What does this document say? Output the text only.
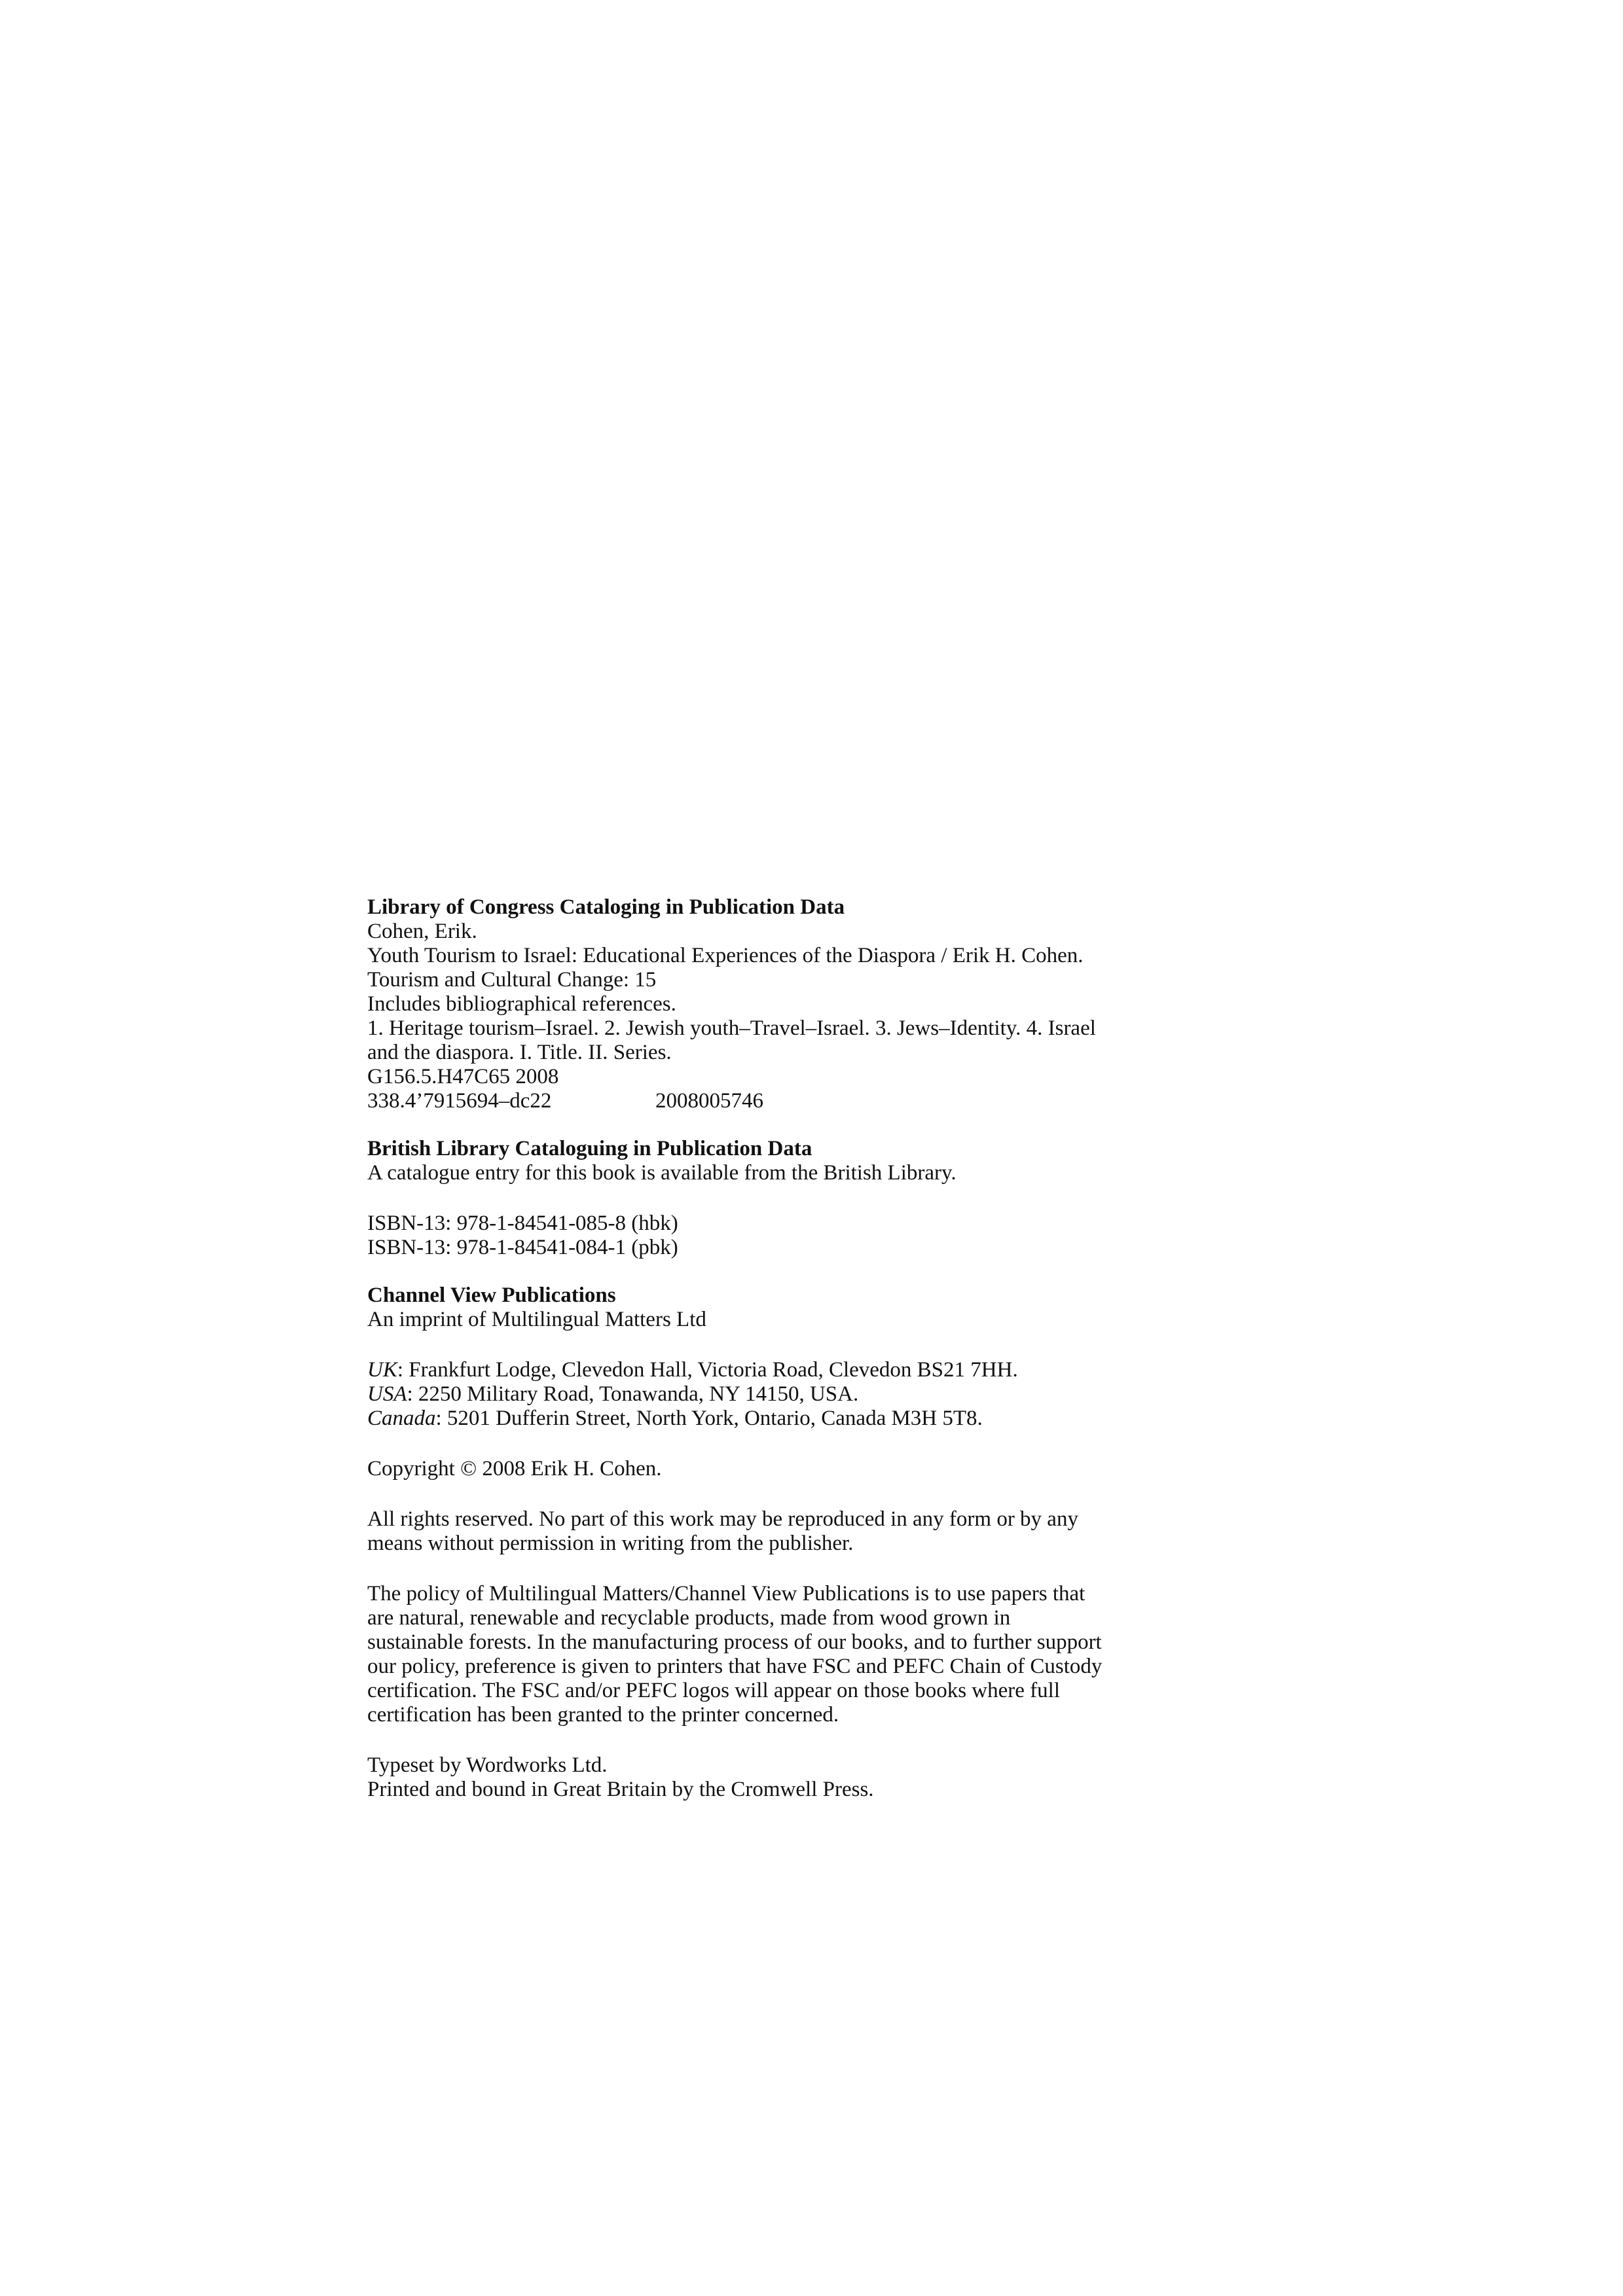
Library of Congress Cataloging in Publication Data

Cohen, Erik.

Youth Tourism to Israel: Educational Experiences of the Diaspora / Erik H. Cohen.

Tourism and Cultural Change: 15

Includes bibliographical references.

1. Heritage tourism–Israel. 2. Jewish youth–Travel–Israel. 3. Jews–Identity. 4. Israel

and the diaspora. I. Title. II. Series.

G156.5.H47C65 2008

338.4’7915694–dc22	2008005746

British Library Cataloguing in Publication Data

A catalogue entry for this book is available from the British Library.

ISBN-13: 978-1-84541-085-8 (hbk)

ISBN-13: 978-1-84541-084-1 (pbk)

Channel View Publications

An imprint of Multilingual Matters Ltd

UK: Frankfurt Lodge, Clevedon Hall, Victoria Road, Clevedon BS21 7HH.

USA: 2250 Military Road, Tonawanda, NY 14150, USA.

Canada: 5201 Dufferin Street, North York, Ontario, Canada M3H 5T8.

Copyright © 2008 Erik H. Cohen.

All rights reserved. No part of this work may be reproduced in any form or by any

means without permission in writing from the publisher.

The policy of Multilingual Matters/Channel View Publications is to use papers that

are natural, renewable and recyclable products, made from wood grown in

sustainable forests. In the manufacturing process of our books, and to further support

our policy, preference is given to printers that have FSC and PEFC Chain of Custody

certification. The FSC and/or PEFC logos will appear on those books where full

certification has been granted to the printer concerned.

Typeset by Wordworks Ltd.

Printed and bound in Great Britain by the Cromwell Press.
